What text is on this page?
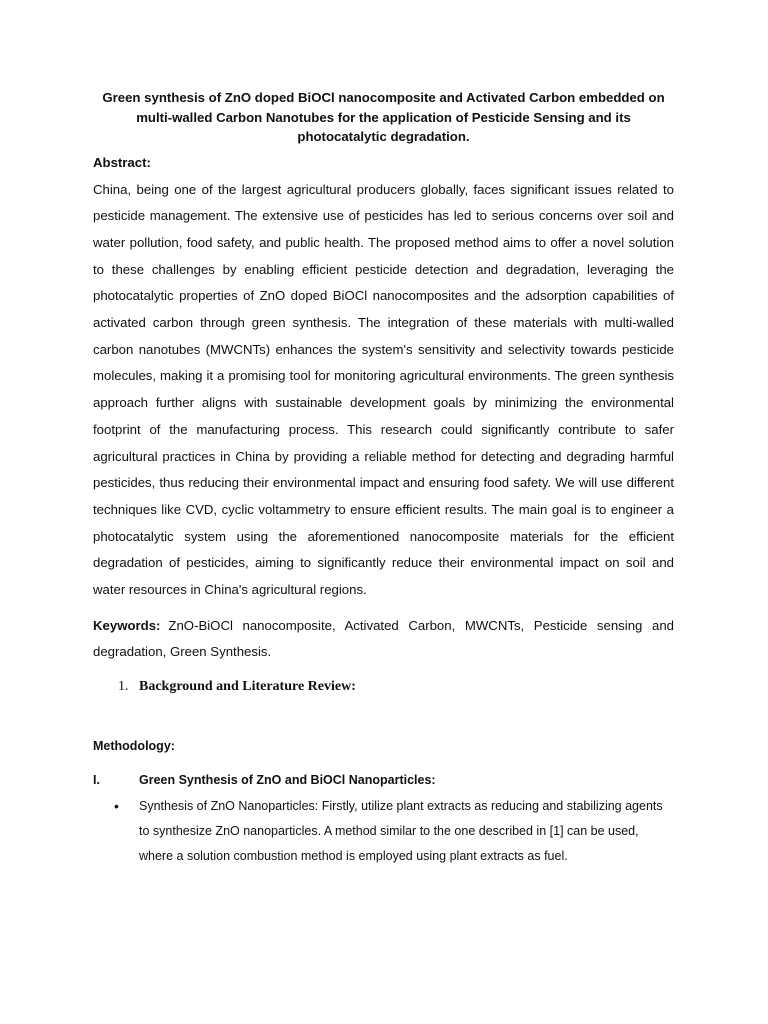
Green synthesis of ZnO doped BiOCl nanocomposite and Activated Carbon embedded on multi-walled Carbon Nanotubes for the application of Pesticide Sensing and its photocatalytic degradation.

Abstract:

China, being one of the largest agricultural producers globally, faces significant issues related to pesticide management. The extensive use of pesticides has led to serious concerns over soil and water pollution, food safety, and public health. The proposed method aims to offer a novel solution to these challenges by enabling efficient pesticide detection and degradation, leveraging the photocatalytic properties of ZnO doped BiOCl nanocomposites and the adsorption capabilities of activated carbon through green synthesis. The integration of these materials with multi-walled carbon nanotubes (MWCNTs) enhances the system's sensitivity and selectivity towards pesticide molecules, making it a promising tool for monitoring agricultural environments. The green synthesis approach further aligns with sustainable development goals by minimizing the environmental footprint of the manufacturing process. This research could significantly contribute to safer agricultural practices in China by providing a reliable method for detecting and degrading harmful pesticides, thus reducing their environmental impact and ensuring food safety. We will use different techniques like CVD, cyclic voltammetry to ensure efficient results. The main goal is to engineer a photocatalytic system using the aforementioned nanocomposite materials for the efficient degradation of pesticides, aiming to significantly reduce their environmental impact on soil and water resources in China's agricultural regions.

Keywords: ZnO-BiOCl nanocomposite, Activated Carbon, MWCNTs, Pesticide sensing and degradation, Green Synthesis.

1. Background and Literature Review:

Methodology:

I.	Green Synthesis of ZnO and BiOCl Nanoparticles:
•	Synthesis of ZnO Nanoparticles: Firstly, utilize plant extracts as reducing and stabilizing agents to synthesize ZnO nanoparticles. A method similar to the one described in [1] can be used, where a solution combustion method is employed using plant extracts as fuel.
